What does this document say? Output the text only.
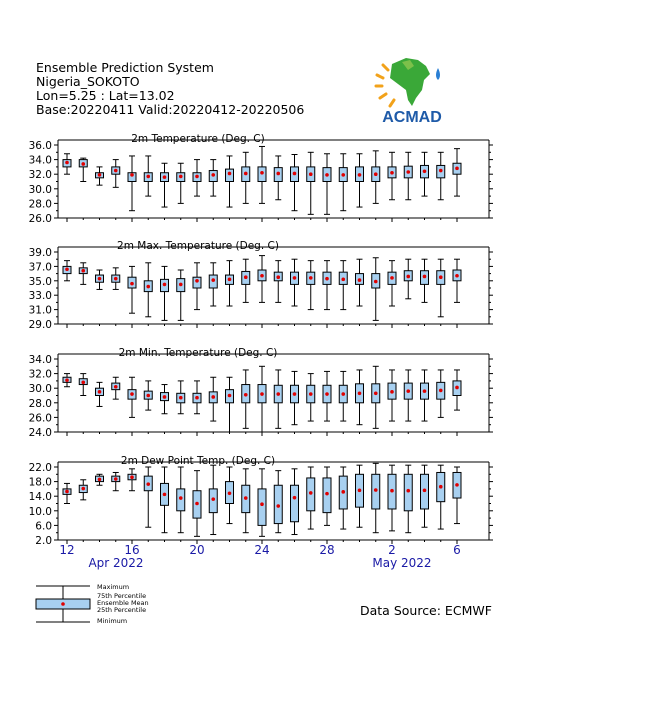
26.0
28.0
30.0
32.0
34.0
36.0
2m Temperature (Deg. C)
29.0
31.0
33.0
35.0
37.0
39.0
2m Max. Temperature (Deg. C)
24.0
26.0
28.0
30.0
32.0
34.0
2m Min. Temperature (Deg. C)
2.0
6.0
10.0
14.0
18.0
22.0
2m Dew Point Temp. (Deg. C)
12	16	20	24	28	2	6
Apr 2022	May 2022
Maximum
75th Percentile
Ensemble Mean
25th Percentile
Minimum
Ensemble Prediction System
Nigeria_SOKOTO
Lon=5.25 : Lat=13.02
Base:20220411 Valid:20220412-20220506	ACMAD
Data Source: ECMWF
